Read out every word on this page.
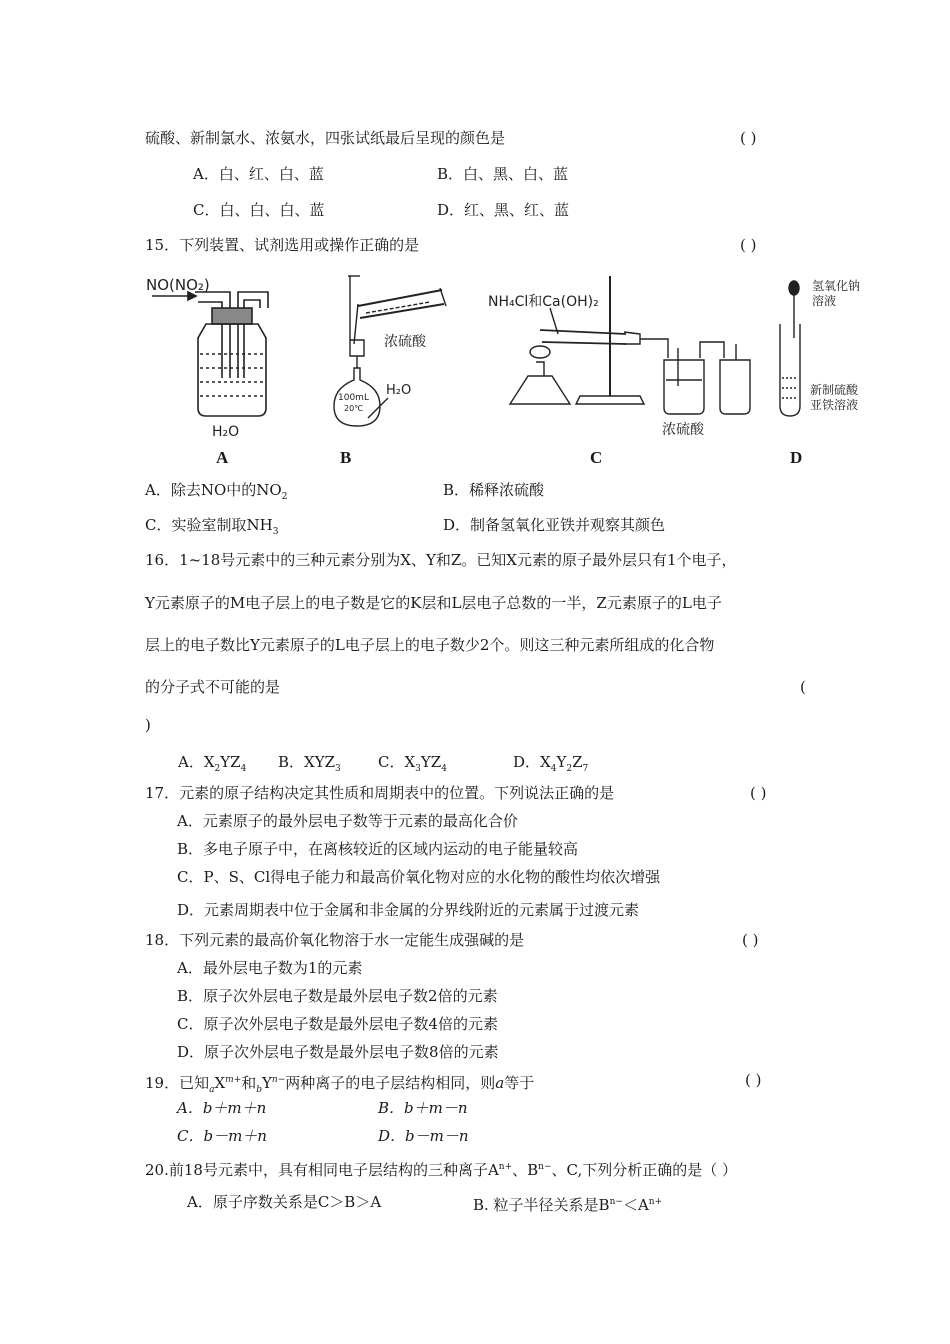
硫酸、新制氯水、浓氨水，四张试纸最后呈现的颜色是	( )
A．白、红、白、蓝	B．白、黑、白、蓝
C．白、白、白、蓝	D．红、黑、红、蓝
15．下列装置、试剂选用或操作正确的是	( )
NO(NO₂)
H₂O
100mL
20℃
浓硫酸
H₂O
NH₄Cl和Ca(OH)₂
浓硫酸
氢氧化钠
溶液
新制硫酸
亚铁溶液
A	B	C	D
A．除去NO中的$NO_2$	B．稀释浓硫酸
C．实验室制取$NH_3$	D．制备氢氧化亚铁并观察其颜色
16．1~18号元素中的三种元素分别为X、Y和Z。已知X元素的原子最外层只有1个电子，
Y元素原子的M电子层上的电子数是它的K层和L层电子总数的一半，Z元素原子的L电子
层上的电子数比Y元素原子的L电子层上的电子数少2个。则这三种元素所组成的化合物
的分子式不可能的是	(
)
A．$X_2YZ_4$ B．$XYZ_3$ C．$X_3YZ_4$	D．$X_4Y_2Z_7$
17．元素的原子结构决定其性质和周期表中的位置。下列说法正确的是	( )
A．元素原子的最外层电子数等于元素的最高化合价
B．多电子原子中，在离核较近的区域内运动的电子能量较高
C．P、S、Cl得电子能力和最高价氧化物对应的水化物的酸性均依次增强
D．元素周期表中位于金属和非金属的分界线附近的元素属于过渡元素
18．下列元素的最高价氧化物溶于水一定能生成强碱的是	( )
A．最外层电子数为1的元素
B．原子次外层电子数是最外层电子数2倍的元素
C．原子次外层电子数是最外层电子数4倍的元素
D．原子次外层电子数是最外层电子数8倍的元素
19．已知$_aX^{m+}$和$_bY^{n-}$两种离子的电子层结构相同，则a等于	( )
A．b＋m＋n	B．b＋m－n
C．b－m＋n	D．b－m－n
20.前18号元素中，具有相同电子层结构的三种离子$A^{n+}$、$B^{n-}$、C,下列分析正确的是（ ）
A．原子序数关系是C＞B＞A	B. 粒子半径关系是$B^{n-}<A^{n+}$
